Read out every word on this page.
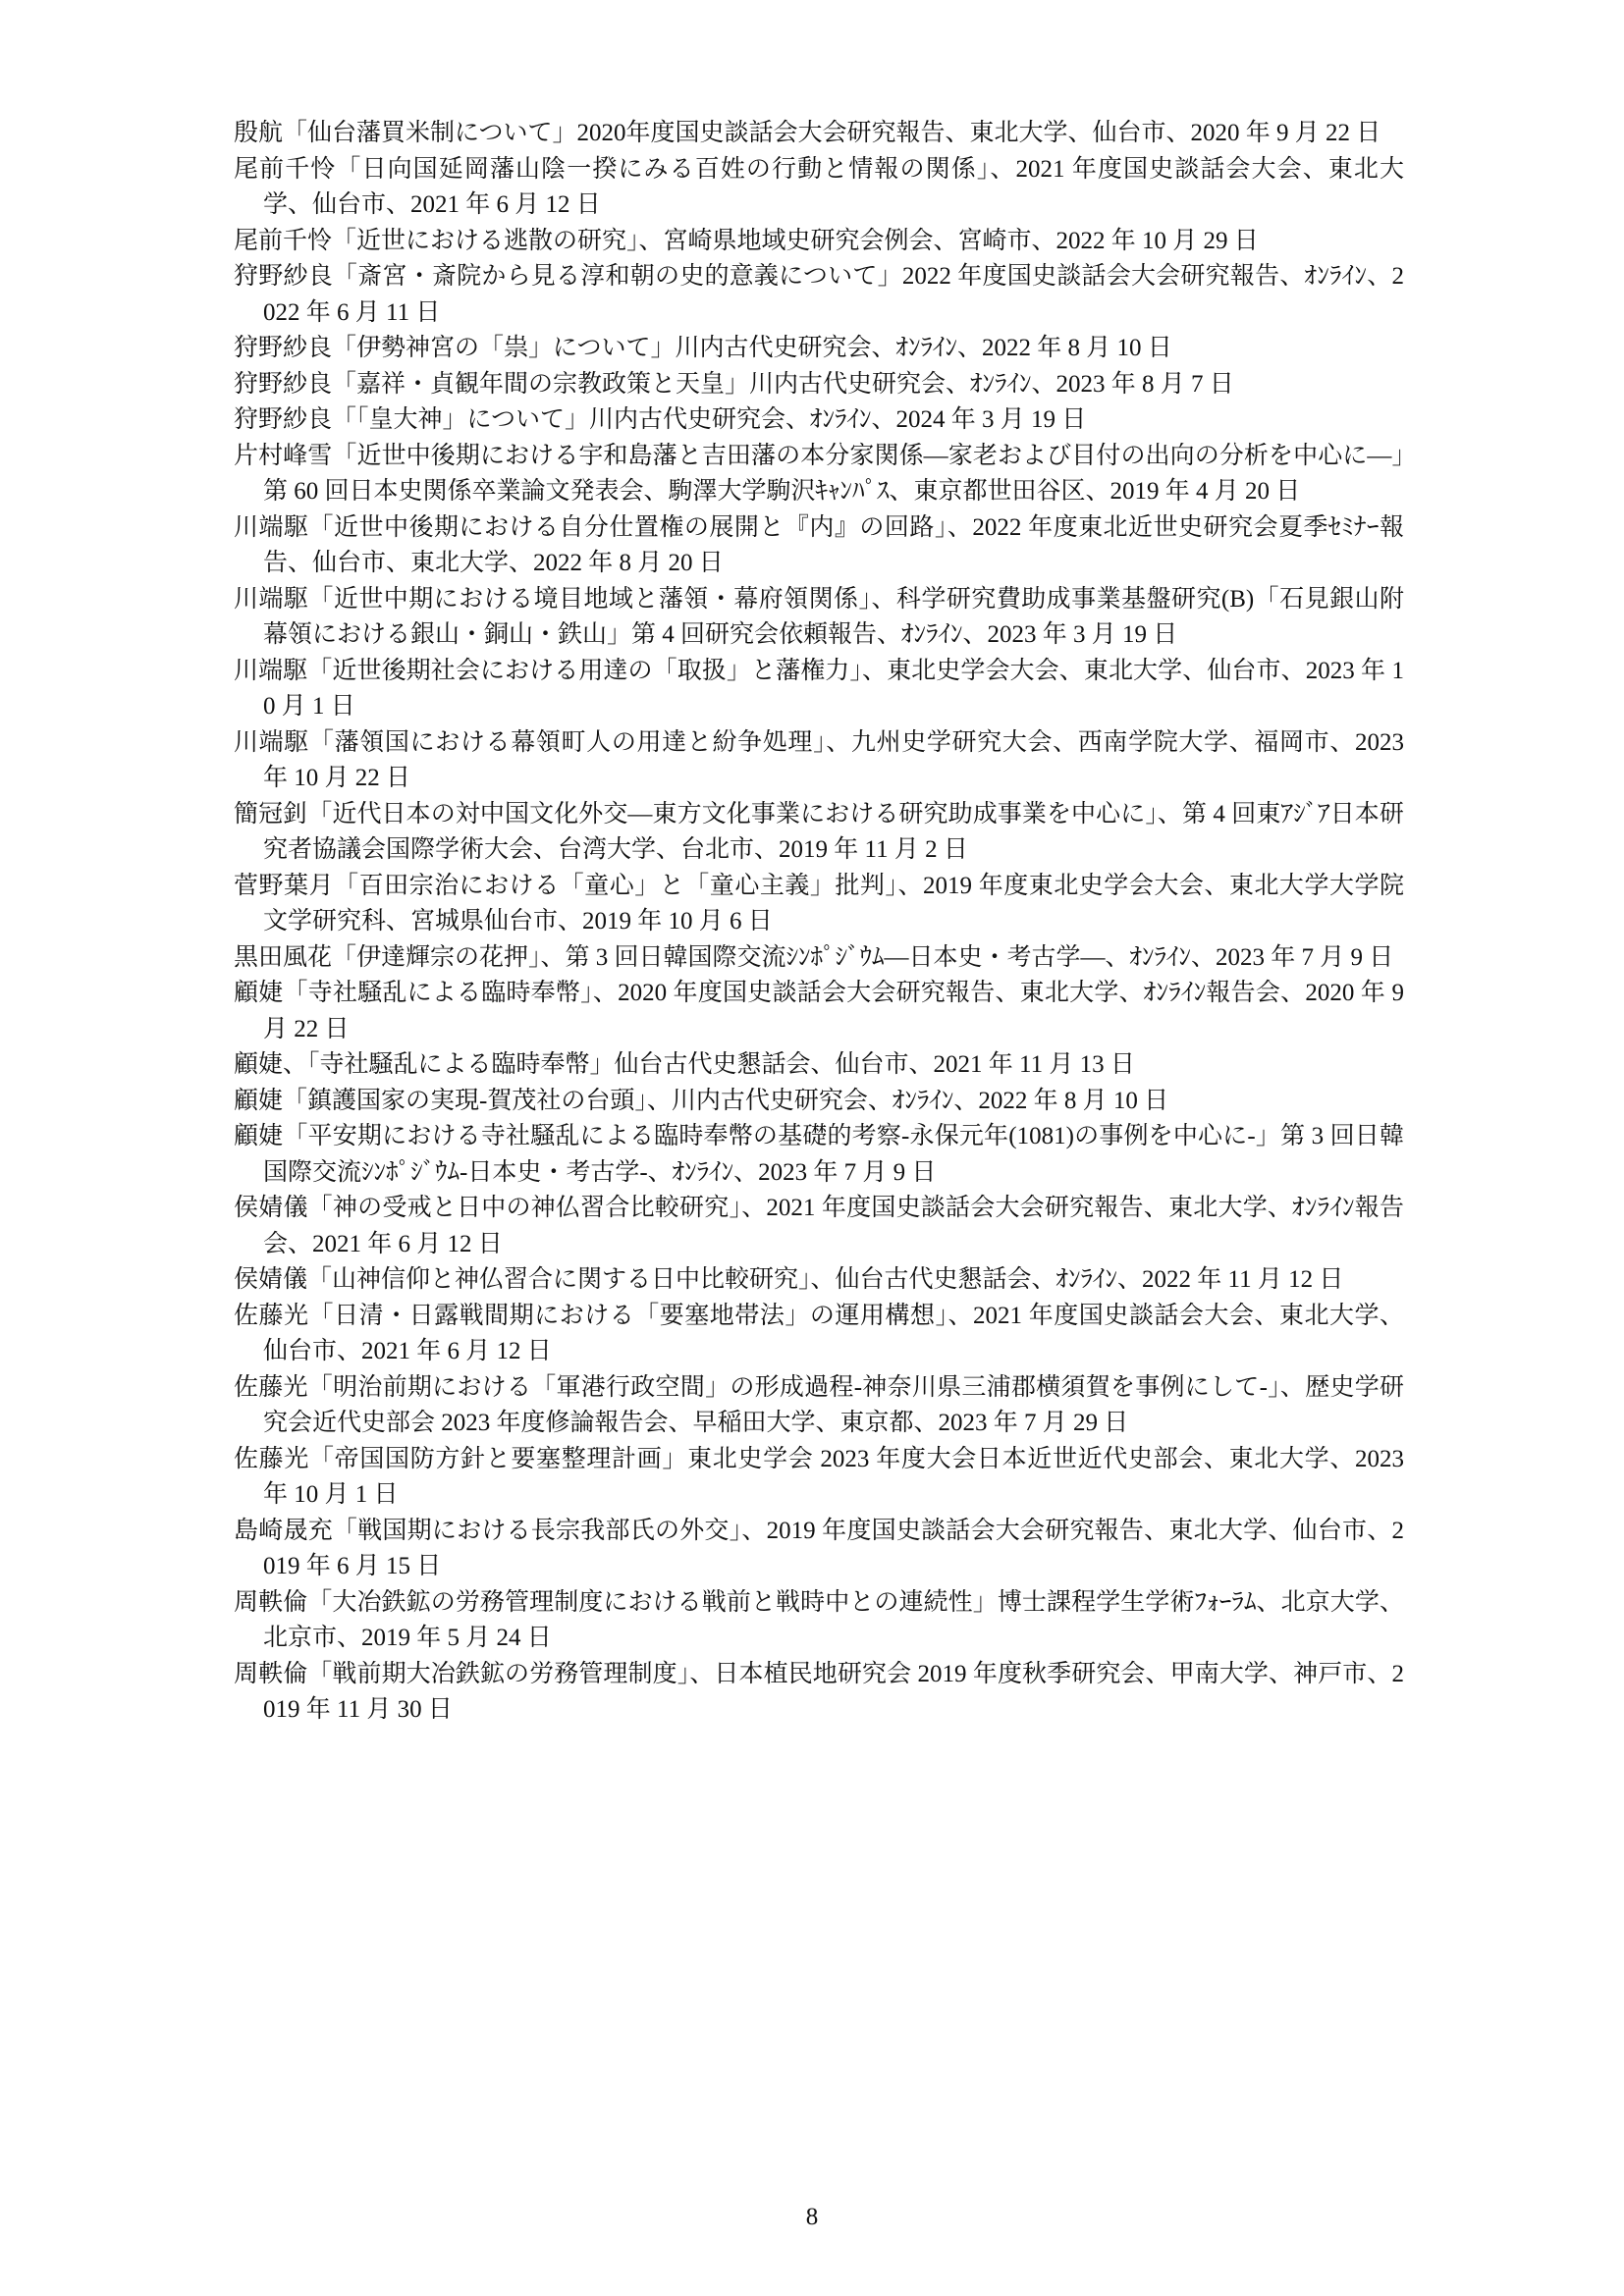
殷航「仙台藩買米制について」2020年度国史談話会大会研究報告、東北大学、仙台市、2020 年 9 月 22 日

尾前千怜「日向国延岡藩山陰一揆にみる百姓の行動と情報の関係」、2021 年度国史談話会大会、東北大学、仙台市、2021 年 6 月 12 日

尾前千怜「近世における逃散の研究」、宮崎県地域史研究会例会、宮崎市、2022 年 10 月 29 日

狩野紗良「斎宮・斎院から見る淳和朝の史的意義について」2022 年度国史談話会大会研究報告、ｵﾝﾗｲﾝ、2022 年 6 月 11 日

狩野紗良「伊勢神宮の「祟」について」川内古代史研究会、ｵﾝﾗｲﾝ、2022 年 8 月 10 日

狩野紗良「嘉祥・貞観年間の宗教政策と天皇」川内古代史研究会、ｵﾝﾗｲﾝ、2023 年 8 月 7 日

狩野紗良「「皇大神」について」川内古代史研究会、ｵﾝﾗｲﾝ、2024 年 3 月 19 日

片村峰雪「近世中後期における宇和島藩と吉田藩の本分家関係―家老および目付の出向の分析を中心に―」第 60 回日本史関係卒業論文発表会、駒澤大学駒沢ｷｬﾝﾊﾟｽ、東京都世田谷区、2019 年 4 月 20 日

川端駆「近世中後期における自分仕置権の展開と『内』の回路」、2022 年度東北近世史研究会夏季ｾﾐﾅｰ報告、仙台市、東北大学、2022 年 8 月 20 日

川端駆「近世中期における境目地域と藩領・幕府領関係」、科学研究費助成事業基盤研究(B)「石見銀山附 幕領における銀山・銅山・鉄山」第 4 回研究会依頼報告、ｵﾝﾗｲﾝ、2023 年 3 月 19 日

川端駆「近世後期社会における用達の「取扱」と藩権力」、東北史学会大会、東北大学、仙台市、2023 年 10 月 1 日

川端駆「藩領国における幕領町人の用達と紛争処理」、九州史学研究大会、西南学院大学、福岡市、2023 年 10 月 22 日

簡冠釗「近代日本の対中国文化外交―東方文化事業における研究助成事業を中心に」、第 4 回東ｱｼﾞｱ日本研究者協議会国際学術大会、台湾大学、台北市、2019 年 11 月 2 日

菅野葉月「百田宗治における「童心」と「童心主義」批判」、2019 年度東北史学会大会、東北大学大学院文学研究科、宮城県仙台市、2019 年 10 月 6 日

黒田風花「伊達輝宗の花押」、第 3 回日韓国際交流ｼﾝﾎﾟｼﾞｳﾑ―日本史・考古学―、ｵﾝﾗｲﾝ、2023 年 7 月 9 日

顧婕「寺社騒乱による臨時奉幣」、2020 年度国史談話会大会研究報告、東北大学、ｵﾝﾗｲﾝ報告会、2020 年 9 月 22 日

顧婕、「寺社騒乱による臨時奉幣」仙台古代史懇話会、仙台市、2021 年 11 月 13 日

顧婕「鎮護国家の実現-賀茂社の台頭」、川内古代史研究会、ｵﾝﾗｲﾝ、2022 年 8 月 10 日

顧婕「平安期における寺社騒乱による臨時奉幣の基礎的考察-永保元年(1081)の事例を中心に-」第 3 回日韓国際交流ｼﾝﾎﾟｼﾞｳﾑ-日本史・考古学-、ｵﾝﾗｲﾝ、2023 年 7 月 9 日

侯婧儀「神の受戒と日中の神仏習合比較研究」、2021 年度国史談話会大会研究報告、東北大学、ｵﾝﾗｲﾝ報告会、2021 年 6 月 12 日

侯婧儀「山神信仰と神仏習合に関する日中比較研究」、仙台古代史懇話会、ｵﾝﾗｲﾝ、2022 年 11 月 12 日

佐藤光「日清・日露戦間期における「要塞地帯法」の運用構想」、2021 年度国史談話会大会、東北大学、仙台市、2021 年 6 月 12 日

佐藤光「明治前期における「軍港行政空間」の形成過程-神奈川県三浦郡横須賀を事例にして-」、歴史学研究会近代史部会 2023 年度修論報告会、早稲田大学、東京都、2023 年 7 月 29 日

佐藤光「帝国国防方針と要塞整理計画」東北史学会 2023 年度大会日本近世近代史部会、東北大学、2023 年 10 月 1 日

島崎晟充「戦国期における長宗我部氏の外交」、2019 年度国史談話会大会研究報告、東北大学、仙台市、2019 年 6 月 15 日

周軼倫「大冶鉄鉱の労務管理制度における戦前と戦時中との連続性」博士課程学生学術ﾌｫｰﾗﾑ、北京大学、北京市、2019 年 5 月 24 日

周軼倫「戦前期大冶鉄鉱の労務管理制度」、日本植民地研究会 2019 年度秋季研究会、甲南大学、神戸市、2019 年 11 月 30 日

8
